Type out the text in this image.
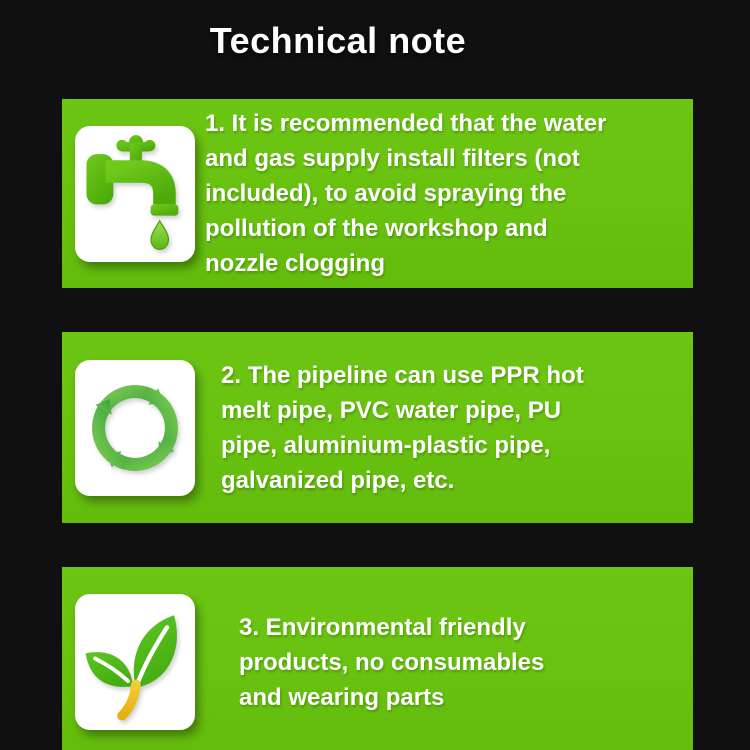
Technical note
1. It is recommended that the water
and gas supply install filters (not
included), to avoid spraying the
pollution of the workshop and
nozzle clogging
2. The pipeline can use PPR hot
melt pipe, PVC water pipe, PU
pipe, aluminium-plastic pipe,
galvanized pipe, etc.
3. Environmental friendly
products, no consumables
and wearing parts
